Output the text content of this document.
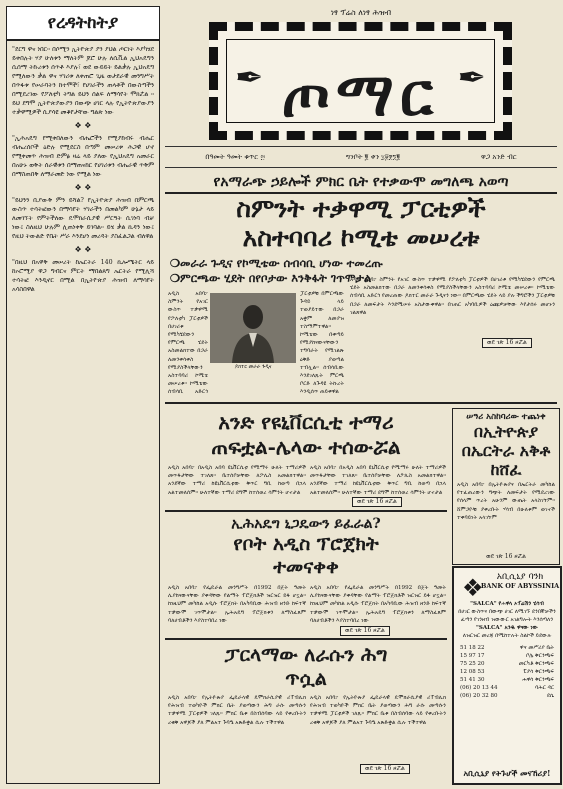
የረዳትከትያ

"ደርግ ዋና ነበር። በሶሚን ኢትዮጵያ ያን ያህል ጦርነት እያካሄደ ይቀበሉት ሃያ ሁለቱን ማለትም ጆሮ ሁሉ ለሲቪል ኢህአዴግን ሲሰማ ትኩረቱን ሰጥቶ እያሉ፣ ወደ ውይይት ይልቃሉ ኢህአዴግ የሚለውን ቃል ዋና ሃገሪቱ ለቀጠሮ ጊዜ ወታደራዊ መንግሥት በጥፋቱ የሠራባትን ከተሞች፣ የሀገራችን ጠላቶች በውስጣችን በሚደረገው የፖለቲካ ትግል ይህን ሰልፍ ለማሳየት ሞክሯል ። ይህ ደግሞ ኢትዮጵያውያን በውጭ ሀገር ላሉ የኢትዮጵያውያን ተቃዋሚዎች ሲያሳዩ መቆየታቸው ግልጽ ነው

❖ ❖

"ኢሕአዴግ የሚቀበለውን ብሔሮችን የሚያከብሩ ብሔር ብሔረሰቦች ዕድሉ የሚደርስ በጣም መሠረቱ ሕጋዊ ሆኖ የሚቀመጥ ሕዝብ ድምፅ ዛሬ ላይ ያለው የኢህአዴግ አመራር በአሁኑ ወቅት ሰራዊቱን በማጠናከር የሀገሪቱን ብሔራዊ ጥቅም በማስጠበቅ ለማራመድ ነው የሚል ነው

❖ ❖

"ይህንን ቢያውቅ ምን ይሻል? የኢትዮጵያ ሕዝብ በምርጫ ውስጥ ተሳትፎውን በማሳየት ሃገራችን በመልካም ሁኔታ ላይ ለመገኘት የምትችለው ዴሞክራሲያዊ ሥርዓት ሲገነባ ብቻ ነው፤ ስለዚህ ሁሉም ሊጠነቀቅ ይገባል። ይሄ ቃል ኪዳን ነው፤ የዚህ ትውልድ የቤት ሥራ እንደሆነ መረዳት ያስፈልጋል ብለዋል

❖ ❖

"በዚህ በአዋቅ መሠረት ከኤርትራ 140 ኪሎሜትር ላይ ከኦሮሚያ ዋጋ ግብርና ምርት ማበልጸግ ኤርትራ የሚሊሻ ተሳትፎ እንዲኖር በሚል በኢትዮጵያ ሕዝብ ለማሳየት አሳስበዋል

ነፃ ፕሬስ ለነፃ ሕዝብ
✒ ጦማር ✒
በዓመት ዓመት ቁጥር ፵	ግንቦት ፪ ቀን ፲፱፻፺፪	ዋጋ አንድ ብር
የአማራጭ ኃይሎች ምክር ቤት የተቃውሞ መግለጫ አወጣ
ስምንት ተቃዋሚ ፓርቲዎች
አስተባባሪ ኮሚቴ መሠረቱ
❍መራራ ጉዲና የኮሚቴው ሰብሳቢ ሆነው ተመረጡ
❍ምርጫው ሂደት በየቦታው እንቅፋት ገጥሞታል
አዲስ አበባ፦ ስምንት የአገር ውስጥ ተቃዋሚ የፖለቲካ ፓርቲዎች በሀገሪቱ የሚካሄደውን የምርጫ ሂደት አስመልክተው በጋራ ለመንቀሳቀስ የሚያስችላቸውን አስተባባሪ ኮሚቴ መሠረቱ። ኮሚቴው ሰብሳቢ አድርጎ
ዶክተር መራራ ጉዲና
ፓርቲዎቹ በምርጫው ጉዳይ ላይ ተወያይተው በጋራ አቋም ለመያዝ ተስማምተዋል። ኮሚቴው በቀጣይ የሚያከናውናቸውን ተግባራት የሚገልጽ ዕቅድ ያወጣል ተብሏል። ሰብሳቢው እንደገለጹት ምርጫ ቦርድ ለጉዳዩ ትኩረት እንዲሰጥ ጠይቀዋል
አዲስ አበባ፦ ስምንት የአገር ውስጥ ተቃዋሚ የፖለቲካ ፓርቲዎች በሀገሪቱ የሚካሄደውን የምርጫ ሂደት አስመልክተው በጋራ ለመንቀሳቀስ የሚያስችላቸውን አስተባባሪ ኮሚቴ መሠረቱ። ኮሚቴው ሰብሳቢ አድርጎ የመረጠው ዶክተር መራራ ጉዲናን ነው። በምርጫው ሂደት ላይ ያሉ ችግሮችን ፓርቲዎቹ በጋራ ለመፍታት እንደሚሠሩ አስታውቀዋል። በገጠር አካባቢዎች ዕጩዎቻቸው እየታሰሩ መሆኑን ገልጸዋል
ወደ ገጽ 16 ዞሯል
አንድ የዩኒቨርሲቲ ተማሪ
ጠፍቷል-ሌላው ተሰውሯል
አዲስ አበባ፦ በአዲስ አበባ ዩኒቨርሲቲ የሚማሩ ሁለት ተማሪዎች መጥፋታቸው ተገለጸ። ቤተሰቦቻቸው ለፖሊስ አመልክተዋል። አንደኛው ተማሪ ከዩኒቨርሲቲው ቅጥር ግቢ ከወጣ በኋላ አልተመለሰም። ሁለተኛው ተማሪ ደግሞ ከተሰወረ ሳምንት ሆኖታል
አዲስ አበባ፦ በአዲስ አበባ ዩኒቨርሲቲ የሚማሩ ሁለት ተማሪዎች መጥፋታቸው ተገለጸ። ቤተሰቦቻቸው ለፖሊስ አመልክተዋል። አንደኛው ተማሪ ከዩኒቨርሲቲው ቅጥር ግቢ ከወጣ በኋላ አልተመለሰም። ሁለተኛው ተማሪ ደግሞ ከተሰወረ ሳምንት ሆኖታል
ወደ ገጽ 16 ዞሯል
ኢሕአዴግ ኒጋዴውን ይፈራል?
የቦት አዲስ ፕሮጀክት
ተመናቀቀ
አዲስ አበባ፦ የፌዴራል መንግሥት በ1992 በጀት ዓመት ሊያከናውናቸው ያቀዳቸው የልማት ፕሮጀክቶች ዝርዝር ይፋ ሆኗል። ከነዚህም መካከል አዲሱ ፕሮጀክት በአካባቢው ሕዝብ ዘንድ ከፍተኛ ተቃውሞ ገጥሞታል። ኢሕአዴግ ፕሮጀክቱን ለማስፈጸም ባለሀብቶችን እያስተባበረ ነው
አዲስ አበባ፦ የፌዴራል መንግሥት በ1992 በጀት ዓመት ሊያከናውናቸው ያቀዳቸው የልማት ፕሮጀክቶች ዝርዝር ይፋ ሆኗል። ከነዚህም መካከል አዲሱ ፕሮጀክት በአካባቢው ሕዝብ ዘንድ ከፍተኛ ተቃውሞ ገጥሞታል። ኢሕአዴግ ፕሮጀክቱን ለማስፈጸም ባለሀብቶችን እያስተባበረ ነው
ወደ ገጽ 16 ዞሯል
ፓርላማው ለራሱን ሕግ
ጥሷል
አዲስ አበባ፦ የኢትዮጵያ ፌዴራላዊ ዴሞክራሲያዊ ሪፐብሊክ የሕዝብ ተወካዮች ምክር ቤት ያወጣውን ሕግ ራሱ መጣሱን ተቃዋሚ ፓርቲዎች ገለጹ። ምክር ቤቱ በስብሰባው ላይ የቀረቡትን ረቂቅ አዋጆች ያለ ምልአተ ጉባዔ አጽድቋል ሲሉ ተችተዋል
አዲስ አበባ፦ የኢትዮጵያ ፌዴራላዊ ዴሞክራሲያዊ ሪፐብሊክ የሕዝብ ተወካዮች ምክር ቤት ያወጣውን ሕግ ራሱ መጣሱን ተቃዋሚ ፓርቲዎች ገለጹ። ምክር ቤቱ በስብሰባው ላይ የቀረቡትን ረቂቅ አዋጆች ያለ ምልአተ ጉባዔ አጽድቋል ሲሉ ተችተዋል
ወደ ገጽ 16 ዞሯል
ሠዓሪ አስከባሪው ተጨነቀ
በኢትዮጵያ
በኤርትራ አቅቶ
ከሸፈ
አዲስ አበባ፦ በኢትዮጵያና በኤርትራ መካከል የተፈጠረውን ግጭት ለመፍታት የሚደረገው የሰላም ጥረት አሁንም ውጤት አላስገኘም። ሸምጋዮቹ ያቀረቡት ሃሳብ በሁለቱም ወገኖች ተቀባይነት አላገኘም
ወደ ገጽ 16 ዞሯል
❖	አቢሲኒያ ባንክ
BANK OF ABYSSINIA
"SALCA" የሐዋላ ኦፕሬሽን ሂሳብ
በሀገር ውስጥና በውጭ ሀገር ለሚገኙ ደንበኞቻችን ፈጣን የገንዘብ ዝውውር አገልግሎት እንሰጣለን
"SALCA" አንዱ ዋናው ነው
ለዝርዝር መረጃ በሚከተሉት ስልኮች ይደውሉ
51 18 22	ዋና መሥሪያ ቤት
15 97 17	ቦሌ ቅርንጫፍ
75 25 20	መርካቶ ቅርንጫፍ
12 08 53	ፒያሳ ቅርንጫፍ
51 41 30	ሐዋሳ ቅርንጫፍ
(06) 20 13 44	ባሕር ዳር
(06) 20 32 80	ደሴ
አቢሲኒያ የትጉሆች መናኸሪያ!
